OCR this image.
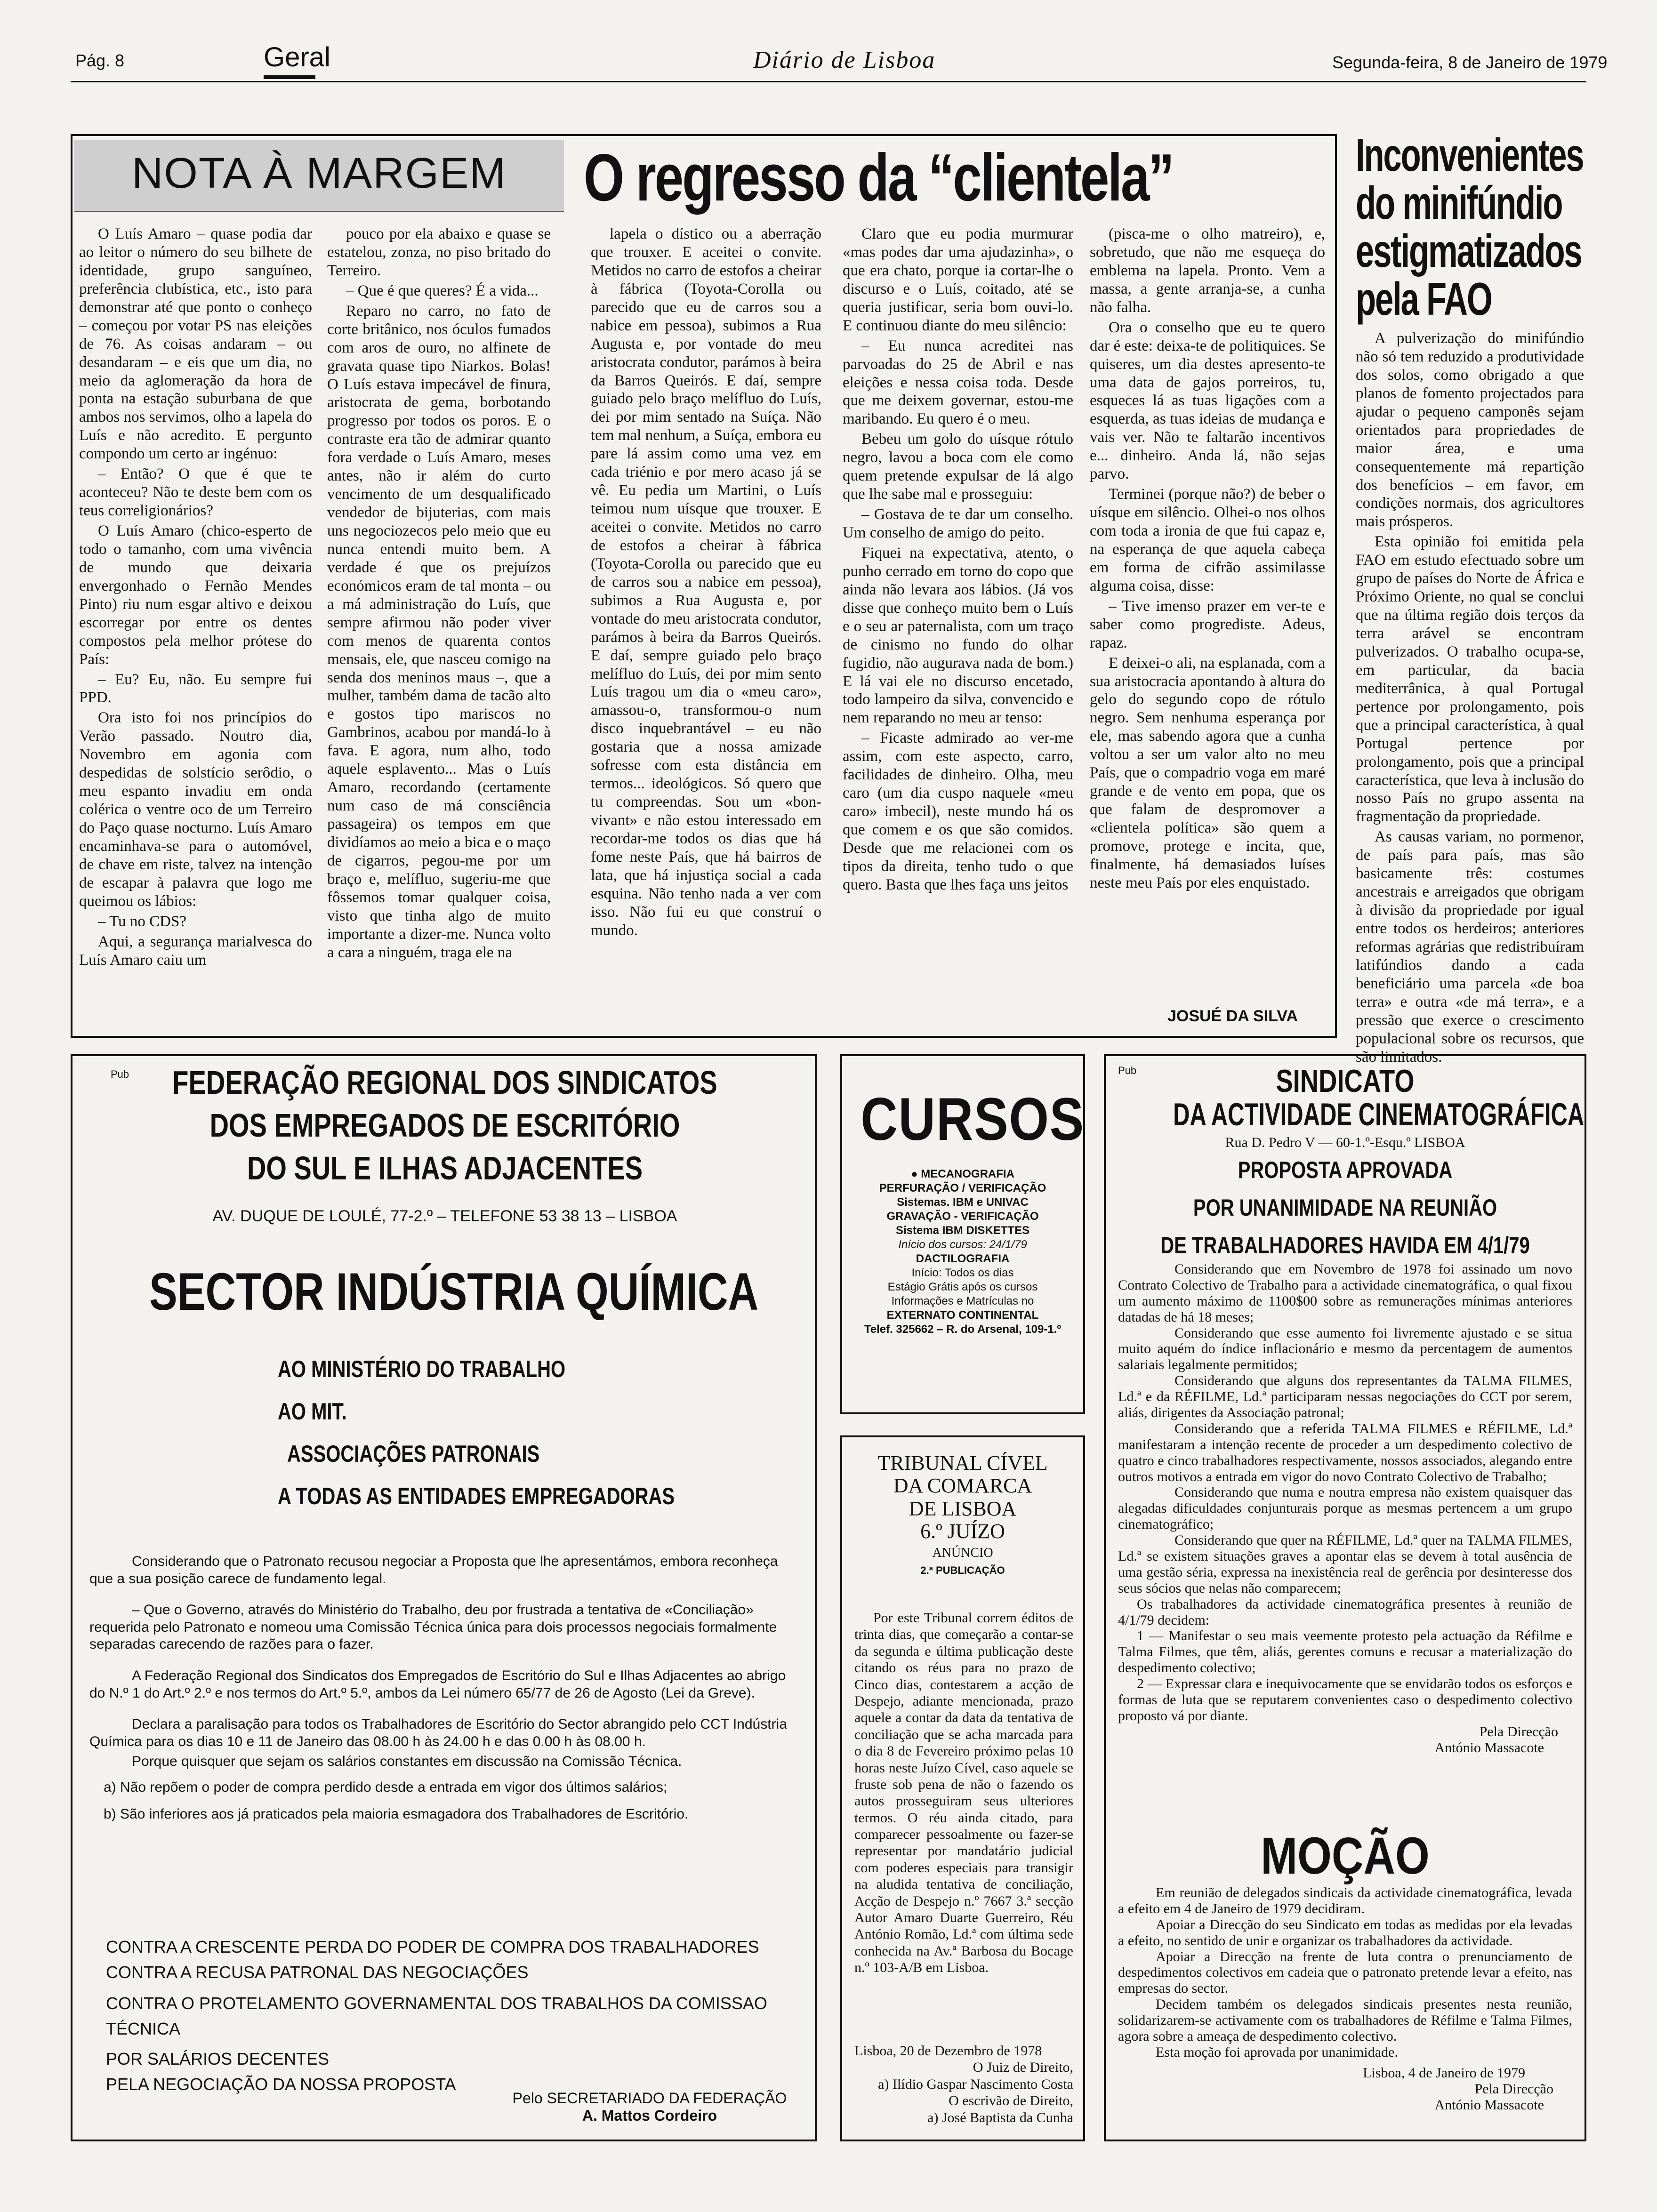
Pág. 8	Geral	Diário de Lisboa	Segunda-feira, 8 de Janeiro de 1979
NOTA À MARGEM	O regresso da “clientela”

O Luís Amaro – quase podia dar ao leitor o número do seu bilhete de identidade, grupo sanguíneo, preferência clubística, etc., isto para demonstrar até que ponto o conheço – começou por votar PS nas eleições de 76. As coisas andaram – ou desandaram – e eis que um dia, no meio da aglomeração da hora de ponta na estação suburbana de que ambos nos servimos, olho a lapela do Luís e não acredito. E pergunto compondo um certo ar ingénuo:

– Então? O que é que te aconteceu? Não te deste bem com os teus correligionários?

O Luís Amaro (chico-esperto de todo o tamanho, com uma vivência de mundo que deixaria envergonhado o Fernão Mendes Pinto) riu num esgar altivo e deixou escorregar por entre os dentes compostos pela melhor prótese do País:

– Eu? Eu, não. Eu sempre fui PPD.

Ora isto foi nos princípios do Verão passado. Noutro dia, Novembro em agonia com despedidas de solstício serôdio, o meu espanto invadiu em onda colérica o ventre oco de um Terreiro do Paço quase nocturno. Luís Amaro encaminhava-se para o automóvel, de chave em riste, talvez na intenção de escapar à palavra que logo me queimou os lábios:

– Tu no CDS?

Aqui, a segurança marialvesca do Luís Amaro caiu um

pouco por ela abaixo e quase se estatelou, zonza, no piso britado do Terreiro.

– Que é que queres? É a vida...

Reparo no carro, no fato de corte britânico, nos óculos fumados com aros de ouro, no alfinete de gravata quase tipo Niarkos. Bolas! O Luís estava impecável de finura, aristocrata de gema, borbotando progresso por todos os poros. E o contraste era tão de admirar quanto fora verdade o Luís Amaro, meses antes, não ir além do curto vencimento de um desqualificado vendedor de bijuterias, com mais uns negociozecos pelo meio que eu nunca entendi muito bem. A verdade é que os prejuízos económicos eram de tal monta – ou a má administração do Luís, que sempre afirmou não poder viver com menos de quarenta contos mensais, ele, que nasceu comigo na senda dos meninos maus –, que a mulher, também dama de tacão alto e gostos tipo mariscos no Gambrinos, acabou por mandá-lo à fava. E agora, num alho, todo aquele esplavento... Mas o Luís Amaro, recordando (certamente num caso de má consciência passageira) os tempos em que dividíamos ao meio a bica e o maço de cigarros, pegou-me por um braço e, melífluo, sugeriu-me que fôssemos tomar qualquer coisa, visto que tinha algo de muito importante a dizer-me. Nunca volto a cara a ninguém, traga ele na

lapela o dístico ou a aberração que trouxer. E aceitei o convite. Metidos no carro de estofos a cheirar à fábrica (Toyota-Corolla ou parecido que eu de carros sou a nabice em pessoa), subimos a Rua Augusta e, por vontade do meu aristocrata condutor, parámos à beira da Barros Queirós. E daí, sempre guiado pelo braço melífluo do Luís, dei por mim sentado na Suíça. Não tem mal nenhum, a Suíça, embora eu pare lá assim como uma vez em cada triénio e por mero acaso já se vê. Eu pedia um Martini, o Luís teimou num uísque que trouxer. E aceitei o convite. Metidos no carro de estofos a cheirar à fábrica (Toyota-Corolla ou parecido que eu de carros sou a nabice em pessoa), subimos a Rua Augusta e, por vontade do meu aristocrata condutor, parámos à beira da Barros Queirós. E daí, sempre guiado pelo braço melífluo do Luís, dei por mim sento Luís tragou um dia o «meu caro», amassou-o, transformou-o num disco inquebrantável – eu não gostaria que a nossa amizade sofresse com esta distância em termos... ideológicos. Só quero que tu compreendas. Sou um «bon-vivant» e não estou interessado em recordar-me todos os dias que há fome neste País, que há bairros de lata, que há injustiça social a cada esquina. Não tenho nada a ver com isso. Não fui eu que construí o mundo.

Claro que eu podia murmurar «mas podes dar uma ajudazinha», o que era chato, porque ia cortar-lhe o discurso e o Luís, coitado, até se queria justificar, seria bom ouvi-lo. E continuou diante do meu silêncio:

– Eu nunca acreditei nas parvoadas do 25 de Abril e nas eleições e nessa coisa toda. Desde que me deixem governar, estou-me maribando. Eu quero é o meu.

Bebeu um golo do uísque rótulo negro, lavou a boca com ele como quem pretende expulsar de lá algo que lhe sabe mal e prosseguiu:

– Gostava de te dar um conselho. Um conselho de amigo do peito.

Fiquei na expectativa, atento, o punho cerrado em torno do copo que ainda não levara aos lábios. (Já vos disse que conheço muito bem o Luís e o seu ar paternalista, com um traço de cinismo no fundo do olhar fugidio, não augurava nada de bom.) E lá vai ele no discurso encetado, todo lampeiro da silva, convencido e nem reparando no meu ar tenso:

– Ficaste admirado ao ver-me assim, com este aspecto, carro, facilidades de dinheiro. Olha, meu caro (um dia cuspo naquele «meu caro» imbecil), neste mundo há os que comem e os que são comidos. Desde que me relacionei com os tipos da direita, tenho tudo o que quero. Basta que lhes faça uns jeitos

(pisca-me o olho matreiro), e, sobretudo, que não me esqueça do emblema na lapela. Pronto. Vem a massa, a gente arranja-se, a cunha não falha.

Ora o conselho que eu te quero dar é este: deixa-te de politiquices. Se quiseres, um dia destes apresento-te uma data de gajos porreiros, tu, esqueces lá as tuas ligações com a esquerda, as tuas ideias de mudança e vais ver. Não te faltarão incentivos e... dinheiro. Anda lá, não sejas parvo.

Terminei (porque não?) de beber o uísque em silêncio. Olhei-o nos olhos com toda a ironia de que fui capaz e, na esperança de que aquela cabeça em forma de cifrão assimilasse alguma coisa, disse:

– Tive imenso prazer em ver-te e saber como progrediste. Adeus, rapaz.

E deixei-o ali, na esplanada, com a sua aristocracia apontando à altura do gelo do segundo copo de rótulo negro. Sem nenhuma esperança por ele, mas sabendo agora que a cunha voltou a ser um valor alto no meu País, que o compadrio voga em maré grande e de vento em popa, que os que falam de despromover a «clientela política» são quem a promove, protege e incita, que, finalmente, há demasiados luíses neste meu País por eles enquistado.

JOSUÉ DA SILVA
Inconvenientes
do minifúndio
estigmatizados
pela FAO

A pulverização do minifúndio não só tem reduzido a produtividade dos solos, como obrigado a que planos de fomento projectados para ajudar o pequeno camponês sejam orientados para propriedades de maior área, e uma consequentemente má repartição dos benefícios – em favor, em condições normais, dos agricultores mais prósperos.

Esta opinião foi emitida pela FAO em estudo efectuado sobre um grupo de países do Norte de África e Próximo Oriente, no qual se conclui que na última região dois terços da terra arável se encontram pulverizados. O trabalho ocupa-se, em particular, da bacia mediterrânica, à qual Portugal pertence por prolongamento, pois que a principal característica, à qual Portugal pertence por prolongamento, pois que a principal característica, que leva à inclusão do nosso País no grupo assenta na fragmentação da propriedade.

As causas variam, no pormenor, de país para país, mas são basicamente três: costumes ancestrais e arreigados que obrigam à divisão da propriedade por igual entre todos os herdeiros; anteriores reformas agrárias que redistribuíram latifúndios dando a cada beneficiário uma parcela «de boa terra» e outra «de má terra», e a pressão que exerce o crescimento populacional sobre os recursos, que são limitados.

Pub	FEDERAÇÃO REGIONAL DOS SINDICATOS
DOS EMPREGADOS DE ESCRITÓRIO
DO SUL E ILHAS ADJACENTES
AV. DUQUE DE LOULÉ, 77-2.º – TELEFONE 53 38 13 – LISBOA
SECTOR INDÚSTRIA QUÍMICA
AO MINISTÉRIO DO TRABALHO
AO MIT.
ASSOCIAÇÕES PATRONAIS
A TODAS AS ENTIDADES EMPREGADORAS

Considerando que o Patronato recusou negociar a Proposta que lhe apresentámos, embora reconheça que a sua posição carece de fundamento legal.

– Que o Governo, através do Ministério do Trabalho, deu por frustrada a tentativa de «Conciliação» requerida pelo Patronato e nomeou uma Comissão Técnica única para dois processos negociais formalmente separadas carecendo de razões para o fazer.

A Federação Regional dos Sindicatos dos Empregados de Escritório do Sul e Ilhas Adjacentes ao abrigo do N.º 1 do Art.º 2.º e nos termos do Art.º 5.º, ambos da Lei número 65/77 de 26 de Agosto (Lei da Greve).

Declara a paralisação para todos os Trabalhadores de Escritório do Sector abrangido pelo CCT Indústria Química para os dias 10 e 11 de Janeiro das 08.00 h às 24.00 h e das 0.00 h às 08.00 h.

Porque quisquer que sejam os salários constantes em discussão na Comissão Técnica.

a) Não repõem o poder de compra perdido desde a entrada em vigor dos últimos salários;

b) São inferiores aos já praticados pela maioria esmagadora dos Trabalhadores de Escritório.

CONTRA A CRESCENTE PERDA DO PODER DE COMPRA DOS TRABALHADORES
CONTRA A RECUSA PATRONAL DAS NEGOCIAÇÕES
CONTRA O PROTELAMENTO GOVERNAMENTAL DOS TRABALHOS DA COMISSAO
TÉCNICA
POR SALÁRIOS DECENTES
PELA NEGOCIAÇÃO DA NOSSA PROPOSTA
Pelo SECRETARIADO DA FEDERAÇÃO
A. Mattos Cordeiro
CURSOS
● MECANOGRAFIA
PERFURAÇÃO / VERIFICAÇÃO
Sistemas. IBM e UNIVAC
GRAVAÇÃO - VERIFICAÇÃO
Sistema IBM DISKETTES
Início dos cursos: 24/1/79
DACTILOGRAFIA
Início: Todos os dias
Estágio Grátis após os cursos
Informações e Matrículas no
EXTERNATO CONTINENTAL
Telef. 325662 – R. do Arsenal, 109-1.º
TRIBUNAL CÍVEL
DA COMARCA
DE LISBOA
6.º JUÍZO
ANÚNCIO
2.ª PUBLICAÇÃO
Por este Tribunal correm éditos de trinta dias, que começarão a contar-se da segunda e última publicação deste citando os réus para no prazo de Cinco dias, contestarem a acção de Despejo, adiante mencionada, prazo aquele a contar da data da tentativa de conciliação que se acha marcada para o dia 8 de Fevereiro próximo pelas 10 horas neste Juízo Cível, caso aquele se fruste sob pena de não o fazendo os autos prosseguiram seus ulteriores termos. O réu ainda citado, para comparecer pessoalmente ou fazer-se representar por mandatário judicial com poderes especiais para transigir na aludida tentativa de conciliação, Acção de Despejo n.º 7667 3.ª secção Autor Amaro Duarte Guerreiro, Réu António Romão, Ld.ª com última sede conhecida na Av.ª Barbosa du Bocage n.º 103-A/B em Lisboa.
Lisboa, 20 de Dezembro de 1978
O Juiz de Direito,
a) Ilídio Gaspar Nascimento Costa
O escrivão de Direito,
a) José Baptista da Cunha
Pub	SINDICATO
DA ACTIVIDADE CINEMATOGRÁFICA
Rua D. Pedro V — 60-1.º-Esqu.º LISBOA
PROPOSTA APROVADA
POR UNANIMIDADE NA REUNIÃO
DE TRABALHADORES HAVIDA EM 4/1/79

Considerando que em Novembro de 1978 foi assinado um novo Contrato Colectivo de Trabalho para a actividade cinematográfica, o qual fixou um aumento máximo de 1100$00 sobre as remunerações mínimas anteriores datadas de há 18 meses;

Considerando que esse aumento foi livremente ajustado e se situa muito aquém do índice inflacionário e mesmo da percentagem de aumentos salariais legalmente permitidos;

Considerando que alguns dos representantes da TALMA FILMES, Ld.ª e da RÉFILME, Ld.ª participaram nessas negociações do CCT por serem, aliás, dirigentes da Associação patronal;

Considerando que a referida TALMA FILMES e RÉFILME, Ld.ª manifestaram a intenção recente de proceder a um despedimento colectivo de quatro e cinco trabalhadores respectivamente, nossos associados, alegando entre outros motivos a entrada em vigor do novo Contrato Colectivo de Trabalho;

Considerando que numa e noutra empresa não existem quaisquer das alegadas dificuldades conjunturais porque as mesmas pertencem a um grupo cinematográfico;

Considerando que quer na RÉFILME, Ld.ª quer na TALMA FILMES, Ld.ª se existem situações graves a apontar elas se devem à total ausência de uma gestão séria, expressa na inexistência real de gerência por desinteresse dos seus sócios que nelas não comparecem;

Os trabalhadores da actividade cinematográfica presentes à reunião de 4/1/79 decidem:

1 — Manifestar o seu mais veemente protesto pela actuação da Réfilme e Talma Filmes, que têm, aliás, gerentes comuns e recusar a materialização do despedimento colectivo;

2 — Expressar clara e inequivocamente que se envidarão todos os esforços e formas de luta que se reputarem convenientes caso o despedimento colectivo proposto vá por diante.

Pela Direcção
António Massacote
MOÇÃO

Em reunião de delegados sindicais da actividade cinematográfica, levada a efeito em 4 de Janeiro de 1979 decidiram.

Apoiar a Direcção do seu Sindicato em todas as medidas por ela levadas a efeito, no sentido de unir e organizar os trabalhadores da actividade.

Apoiar a Direcção na frente de luta contra o prenunciamento de despedimentos colectivos em cadeia que o patronato pretende levar a efeito, nas empresas do sector.

Decidem também os delegados sindicais presentes nesta reunião, solidarizarem-se activamente com os trabalhadores de Réfilme e Talma Filmes, agora sobre a ameaça de despedimento colectivo.

Esta moção foi aprovada por unanimidade.

Lisboa, 4 de Janeiro de 1979
Pela Direcção
António Massacote
